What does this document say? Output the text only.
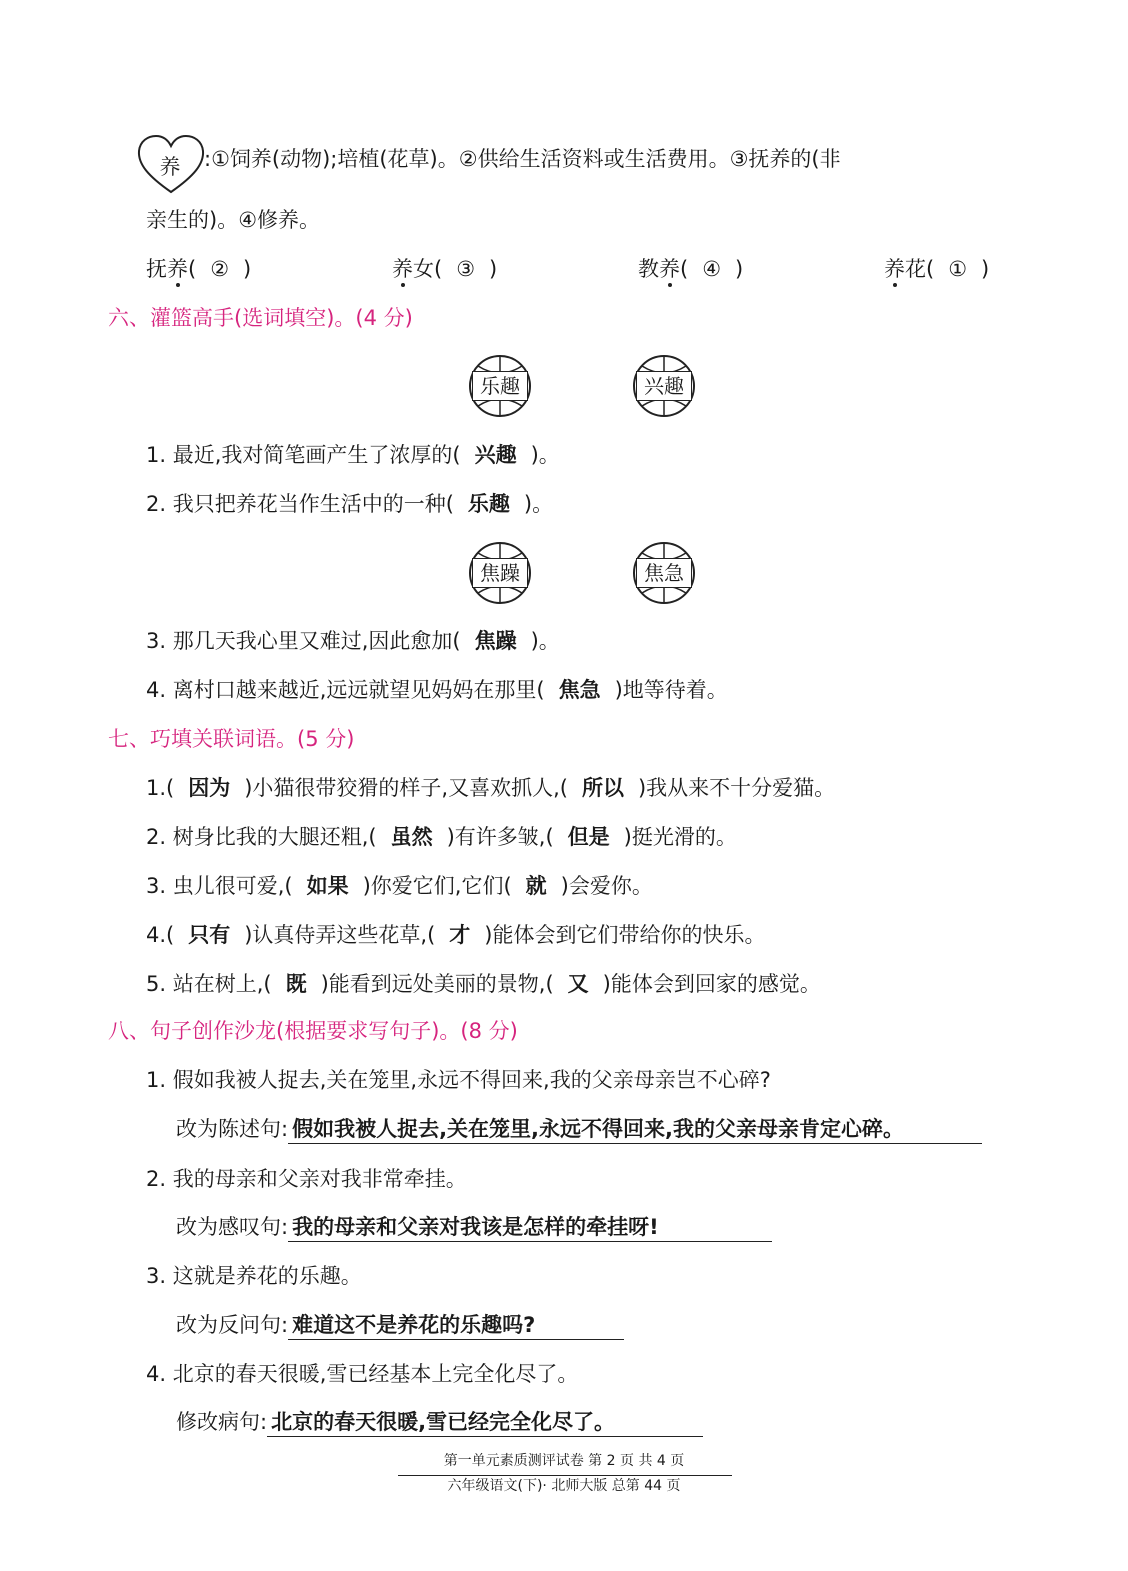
养	:①饲养(动物);培植(花草)。②供给生活资料或生活费用。③抚养的(非
亲生的)。④修养。
抚养( ② )	养女( ③ )	教养( ④ )	养花( ① )
六、灌篮高手(选词填空)。(4 分)
乐趣	兴趣
1. 最近,我对简笔画产生了浓厚的( 兴趣 )。
2. 我只把养花当作生活中的一种( 乐趣 )。
焦躁	焦急
3. 那几天我心里又难过,因此愈加( 焦躁 )。
4. 离村口越来越近,远远就望见妈妈在那里( 焦急 )地等待着。
七、巧填关联词语。(5 分)
1.( 因为 )小猫很带狡猾的样子,又喜欢抓人,( 所以 )我从来不十分爱猫。
2. 树身比我的大腿还粗,( 虽然 )有许多皱,( 但是 )挺光滑的。
3. 虫儿很可爱,( 如果 )你爱它们,它们( 就 )会爱你。
4.( 只有 )认真侍弄这些花草,( 才 )能体会到它们带给你的快乐。
5. 站在树上,( 既 )能看到远处美丽的景物,( 又 )能体会到回家的感觉。
八、句子创作沙龙(根据要求写句子)。(8 分)
1. 假如我被人捉去,关在笼里,永远不得回来,我的父亲母亲岂不心碎?
改为陈述句: 假如我被人捉去,关在笼里,永远不得回来,我的父亲母亲肯定心碎。
2. 我的母亲和父亲对我非常牵挂。
改为感叹句: 我的母亲和父亲对我该是怎样的牵挂呀!
3. 这就是养花的乐趣。
改为反问句: 难道这不是养花的乐趣吗?
4. 北京的春天很暖,雪已经基本上完全化尽了。
修改病句: 北京的春天很暖,雪已经完全化尽了。
第一单元素质测评试卷 第 2 页 共 4 页
六年级语文(下)· 北师大版 总第 44 页
